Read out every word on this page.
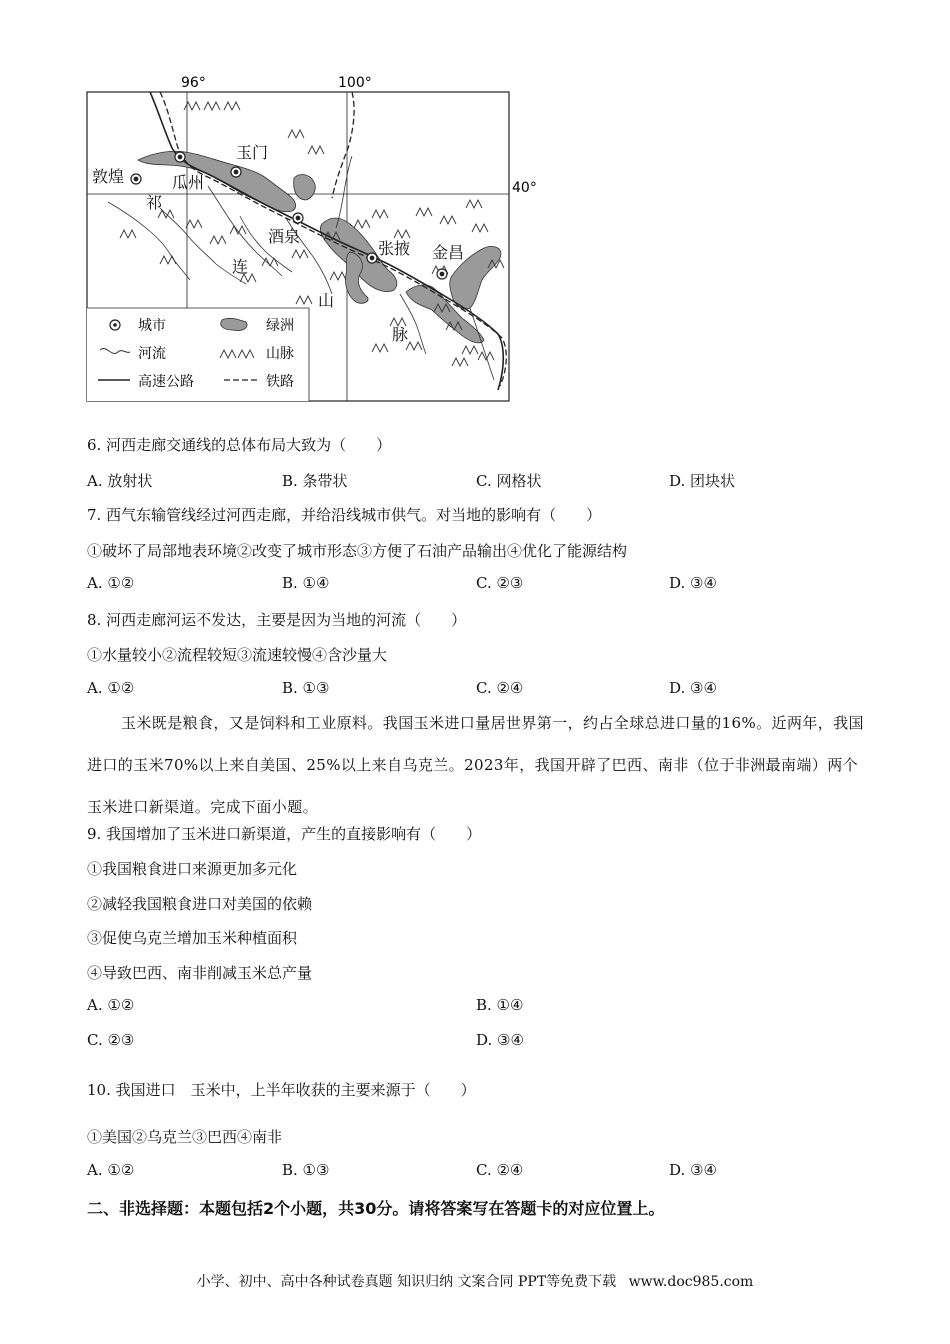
96°	100°
40°
敦煌	瓜州
玉门
酒泉
张掖 金昌
祁
连
山
脉
城市	绿洲
河流	山脉
高速公路	铁路
6. 河西走廊交通线的总体布局大致为（　　）
A. 放射状	B. 条带状	C. 网格状	D. 团块状
7. 西气东输管线经过河西走廊，并给沿线城市供气。对当地的影响有（　　）
①破坏了局部地表环境②改变了城市形态③方便了石油产品输出④优化了能源结构
A. ①②	B. ①④	C. ②③	D. ③④
8. 河西走廊河运不发达，主要是因为当地的河流（　　）
①水量较小②流程较短③流速较慢④含沙量大
A. ①②	B. ①③	C. ②④	D. ③④
玉米既是粮食，又是饲料和工业原料。我国玉米进口量居世界第一，约占全球总进口量的16%。近两年，我国进口的玉米70%以上来自美国、25%以上来自乌克兰。2023年，我国开辟了巴西、南非（位于非洲最南端）两个玉米进口新渠道。完成下面小题。
9. 我国增加了玉米进口新渠道，产生的直接影响有（　　）
①我国粮食进口来源更加多元化
②减轻我国粮食进口对美国的依赖
③促使乌克兰增加玉米种植面积
④导致巴西、南非削减玉米总产量
A. ①②	B. ①④
C. ②③	D. ③④
10. 我国进口　玉米中，上半年收获的主要来源于（　　）
①美国②乌克兰③巴西④南非
A. ①②	B. ①③	C. ②④	D. ③④
二、非选择题：本题包括2个小题，共30分。请将答案写在答题卡的对应位置上。
小学、初中、高中各种试卷真题 知识归纳 文案合同 PPT等免费下载 www.doc985.com
